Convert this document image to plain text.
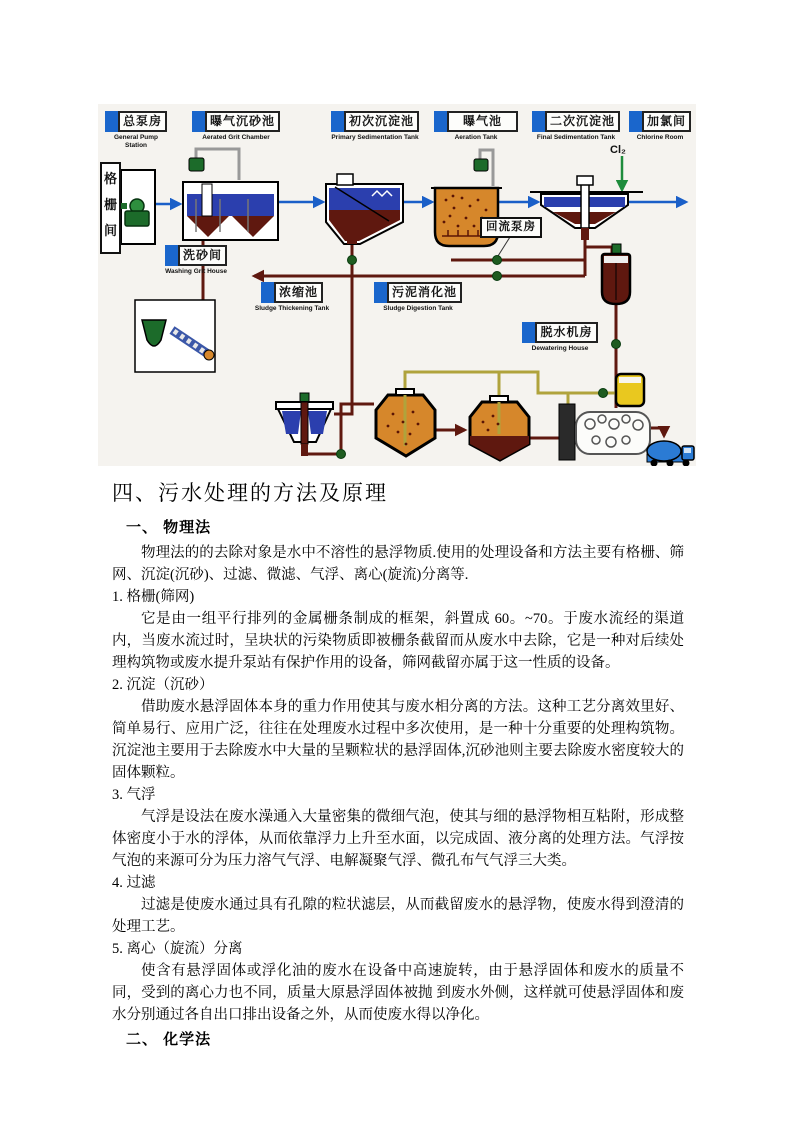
总泵房
General Pump Station
曝气沉砂池
Aerated Grit Chamber
初次沉淀池
Primary Sedimentation Tank
曝气池
Aeration Tank
二次沉淀池
Final Sedimentation Tank
加氯间
Chlorine Room
洗砂间
Washing Grit House
浓缩池
Sludge Thickening Tank
污泥消化池
Sludge Digestion Tank
脱水机房
Dewatering House
格栅间	回流泵房
Cl₂
四、污水处理的方法及原理
一、 物理法

物理法的的去除对象是水中不溶性的悬浮物质.使用的处理设备和方法主要有格栅、筛网、沉淀(沉砂)、过滤、微滤、气浮、离心(旋流)分离等.

1. 格栅(筛网)

它是由一组平行排列的金属栅条制成的框架，斜置成 60。~70。于废水流经的渠道内，当废水流过时，呈块状的污染物质即被栅条截留而从废水中去除，它是一种对后续处理构筑物或废水提升泵站有保护作用的设备，筛网截留亦属于这一性质的设备。

2. 沉淀（沉砂）

借助废水悬浮固体本身的重力作用使其与废水相分离的方法。这种工艺分离效里好、简单易行、应用广泛，往往在处理废水过程中多次使用，是一种十分重要的处理构筑物。沉淀池主要用于去除废水中大量的呈颗粒状的悬浮固体,沉砂池则主要去除废水密度较大的固体颗粒。

3. 气浮

气浮是设法在废水澡通入大量密集的微细气泡，使其与细的悬浮物相互粘附，形成整体密度小于水的浮体，从而依靠浮力上升至水面，以完成固、液分离的处理方法。气浮按气泡的来源可分为压力溶气气浮、电解凝聚气浮、微孔布气气浮三大类。

4. 过滤

过滤是使废水通过具有孔隙的粒状滤层，从而截留废水的悬浮物，使废水得到澄清的处理工艺。

5. 离心（旋流）分离

使含有悬浮固体或浮化油的废水在设备中高速旋转，由于悬浮固体和废水的质量不同，受到的离心力也不同，质量大原悬浮固体被抛 到废水外侧，这样就可使悬浮固体和废水分别通过各自出口排出设备之外，从而使废水得以净化。

二、 化学法
